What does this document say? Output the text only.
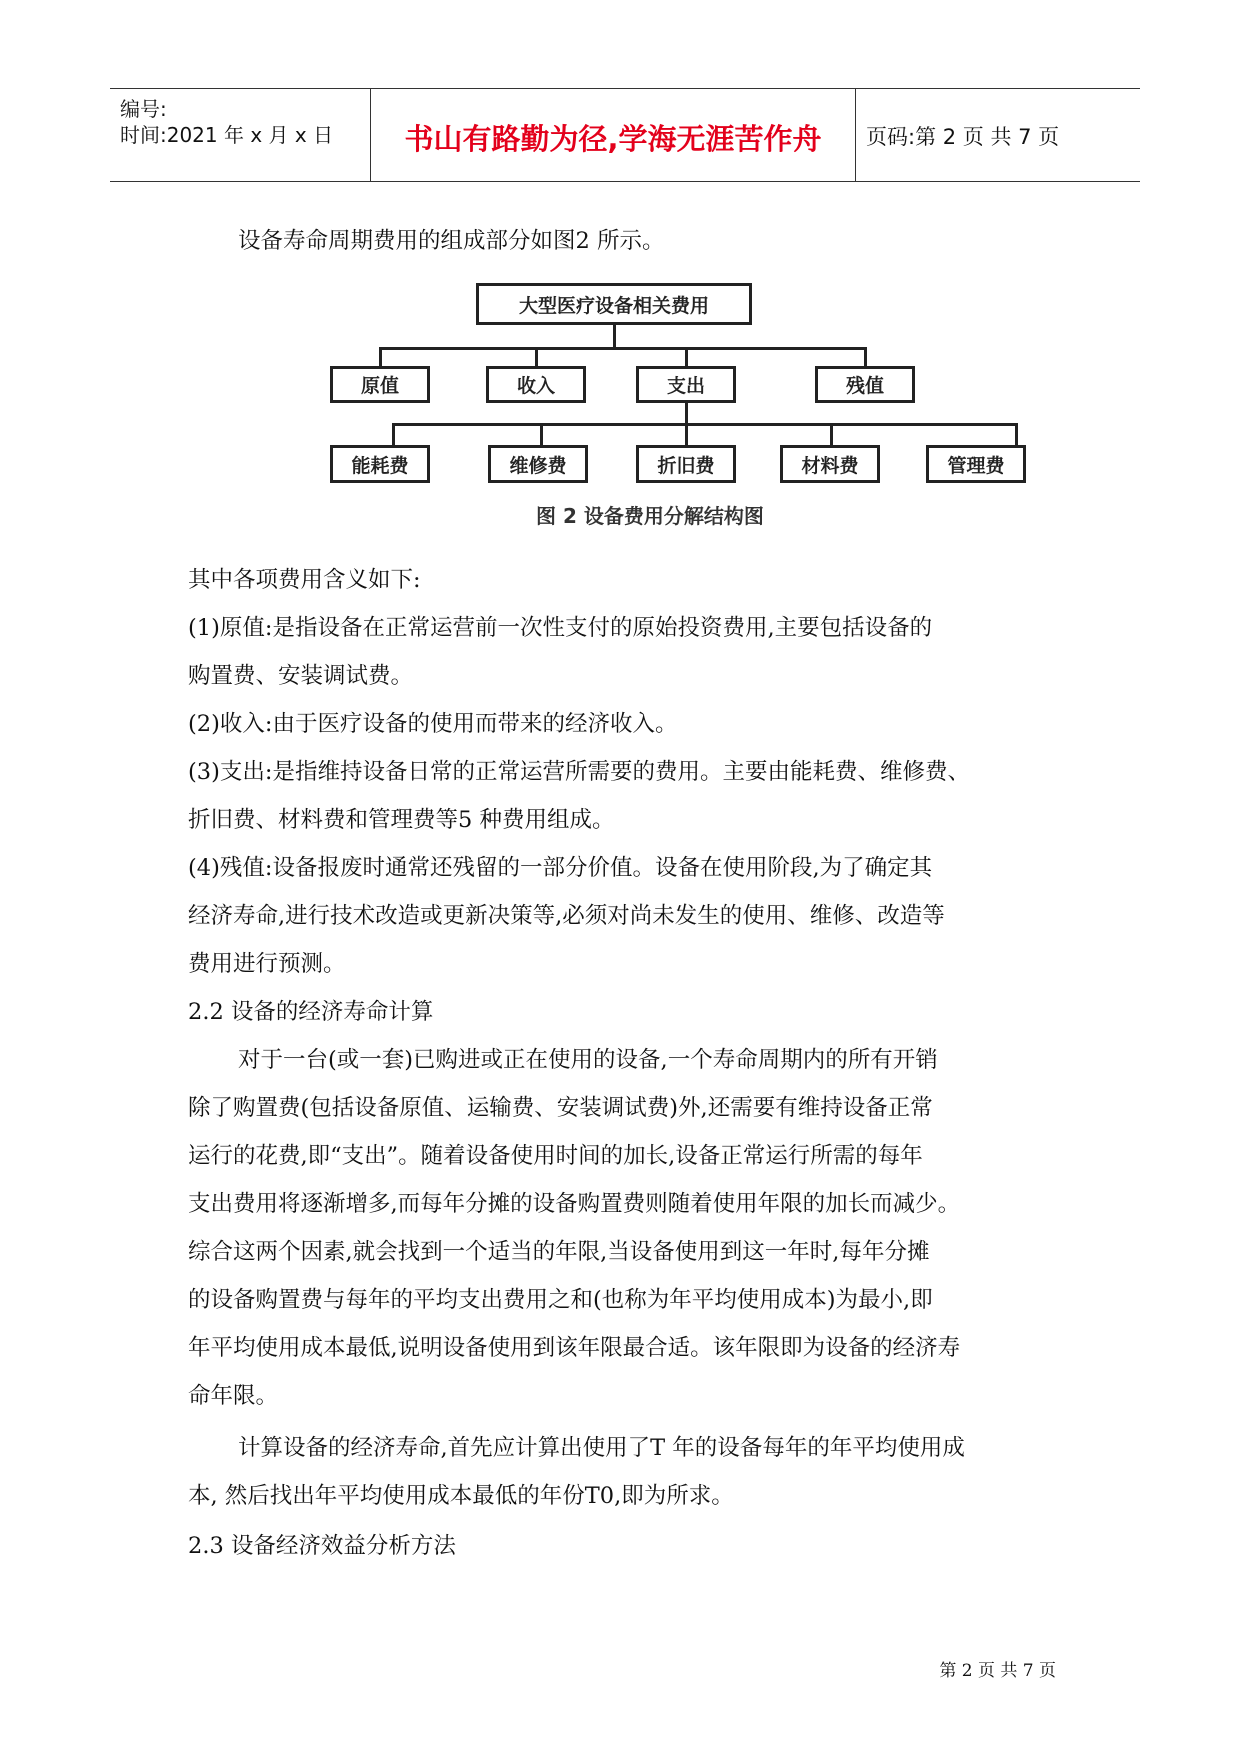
编号:
时间:2021 年 x 月 x 日	书山有路勤为径,学海无涯苦作舟	页码:第 2 页 共 7 页
设备寿命周期费用的组成部分如图2 所示。
大型医疗设备相关费用
原值	收入	支出	残值
能耗费	维修费	折旧费	材料费	管理费
图 2 设备费用分解结构图
其中各项费用含义如下:
(1)原值:是指设备在正常运营前一次性支付的原始投资费用,主要包括设备的
购置费、安装调试费。
(2)收入:由于医疗设备的使用而带来的经济收入。
(3)支出:是指维持设备日常的正常运营所需要的费用。主要由能耗费、维修费、
折旧费、材料费和管理费等5 种费用组成。
(4)残值:设备报废时通常还残留的一部分价值。设备在使用阶段,为了确定其
经济寿命,进行技术改造或更新决策等,必须对尚未发生的使用、维修、改造等
费用进行预测。
2.2 设备的经济寿命计算
对于一台(或一套)已购进或正在使用的设备,一个寿命周期内的所有开销
除了购置费(包括设备原值、运输费、安装调试费)外,还需要有维持设备正常
运行的花费,即“支出”。随着设备使用时间的加长,设备正常运行所需的每年
支出费用将逐渐增多,而每年分摊的设备购置费则随着使用年限的加长而减少。
综合这两个因素,就会找到一个适当的年限,当设备使用到这一年时,每年分摊
的设备购置费与每年的平均支出费用之和(也称为年平均使用成本)为最小,即
年平均使用成本最低,说明设备使用到该年限最合适。该年限即为设备的经济寿
命年限。
计算设备的经济寿命,首先应计算出使用了T 年的设备每年的年平均使用成
本, 然后找出年平均使用成本最低的年份T0,即为所求。
2.3 设备经济效益分析方法
第 2 页 共 7 页
